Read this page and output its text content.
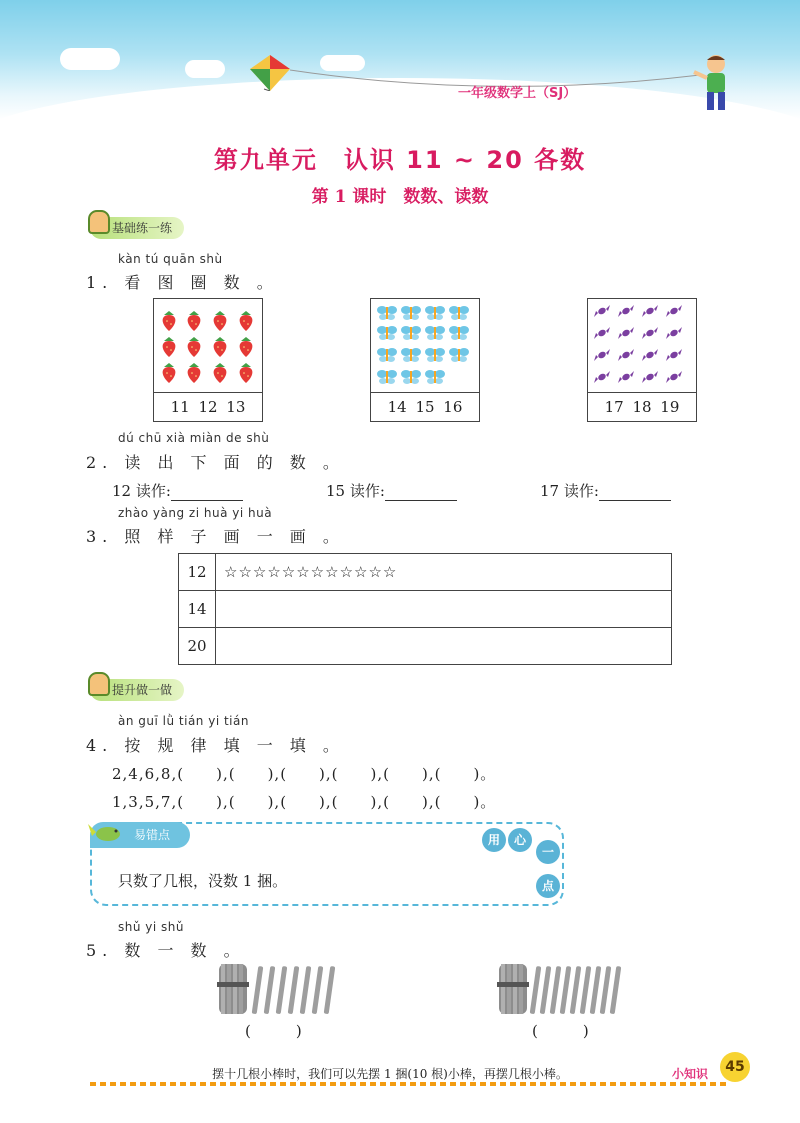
一年级数学上（SJ）
第九单元　认识 11 ~ 20 各数
第 1 课时　数数、读数
基础练一练
kàn tú quān shù
1. 看 图 圈 数 。
11 12 13	14 15 16	17 18 19
dú chū xià miàn de shù
2. 读 出 下 面 的 数 。
12 读作:	15 读作:	17 读作:
zhào yàng zi huà yi huà
3. 照 样 子 画 一 画 。
12	☆☆☆☆☆☆☆☆☆☆☆☆
14	
20	
提升做一做
àn guī lǜ tián yi tián
4. 按 规 律 填 一 填 。
2,4,6,8,(　　),(　　),(　　),(　　),(　　),(　　)。
1,3,5,7,(　　),(　　),(　　),(　　),(　　),(　　)。
易错点
只数了几根，没数 1 捆。
用	心
一
点
shǔ yi shǔ
5. 数 一 数 。
(　　　)	(　　　)
摆十几根小棒时，我们可以先摆 1 捆(10 根)小棒，再摆几根小棒。	小知识	45
